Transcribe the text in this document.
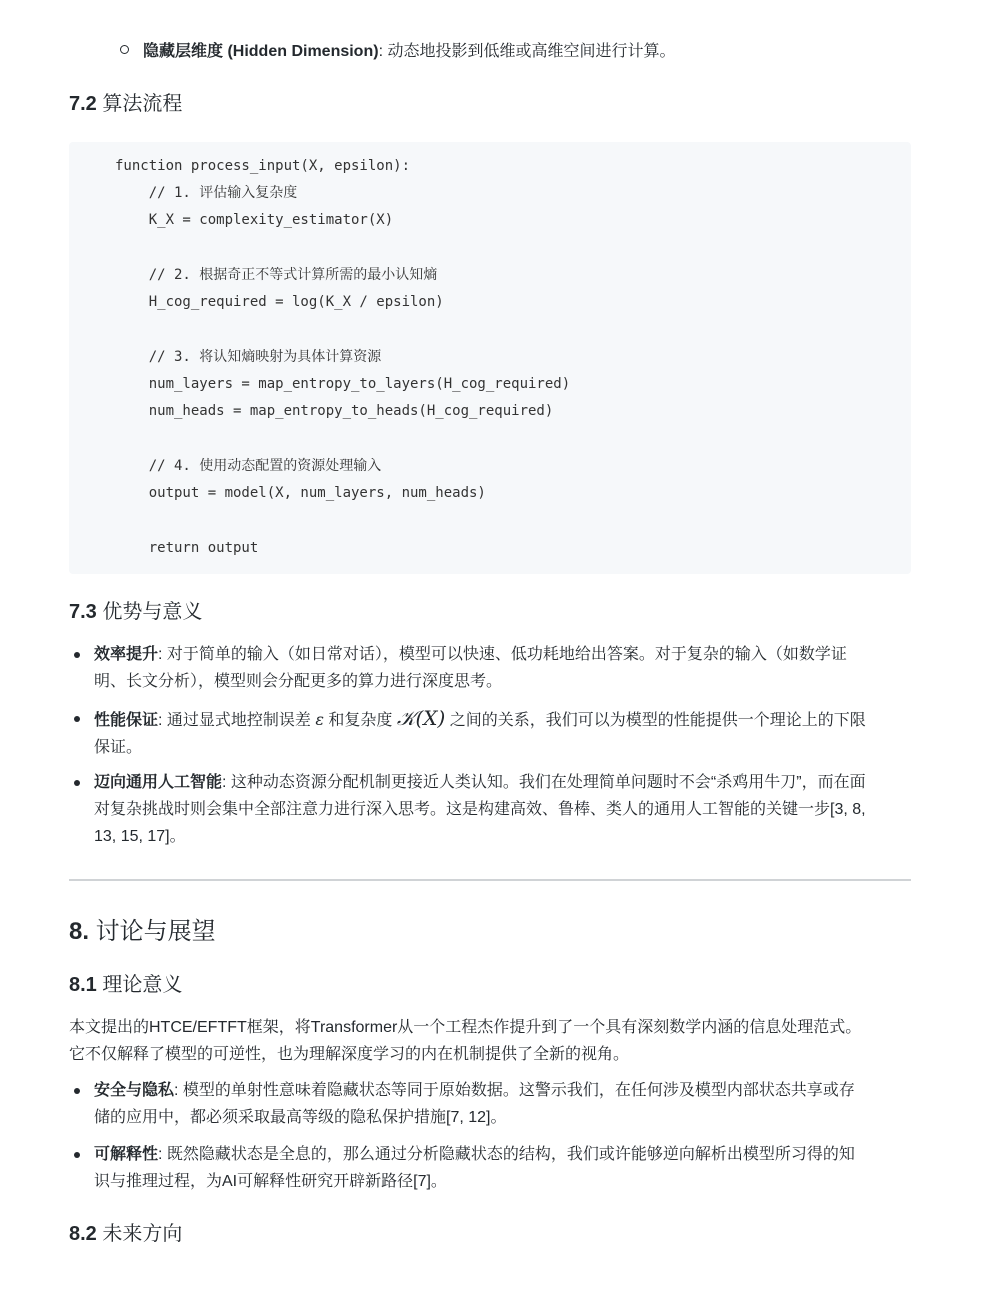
隐藏层维度 (Hidden Dimension): 动态地投影到低维或高维空间进行计算。
7.2 算法流程
function process_input(X, epsilon):
// 1. 评估输入复杂度
K_X = complexity_estimator(X)
// 2. 根据奇正不等式计算所需的最小认知熵
H_cog_required = log(K_X / epsilon)
// 3. 将认知熵映射为具体计算资源
num_layers = map_entropy_to_layers(H_cog_required)
num_heads = map_entropy_to_heads(H_cog_required)
// 4. 使用动态配置的资源处理输入
output = model(X, num_layers, num_heads)
return output
7.3 优势与意义
效率提升: 对于简单的输入（如日常对话），模型可以快速、低功耗地给出答案。对于复杂的输入（如数学证
明、长文分析），模型则会分配更多的算力进行深度思考。
性能保证: 通过显式地控制误差 ε 和复杂度 𝒦(X) 之间的关系，我们可以为模型的性能提供一个理论上的下限
保证。
迈向通用人工智能: 这种动态资源分配机制更接近人类认知。我们在处理简单问题时不会“杀鸡用牛刀”，而在面
对复杂挑战时则会集中全部注意力进行深入思考。这是构建高效、鲁棒、类人的通用人工智能的关键一步[3, 8,
13, 15, 17]。
8. 讨论与展望
8.1 理论意义
本文提出的HTCE/EFTFT框架，将Transformer从一个工程杰作提升到了一个具有深刻数学内涵的信息处理范式。
它不仅解释了模型的可逆性，也为理解深度学习的内在机制提供了全新的视角。
安全与隐私: 模型的单射性意味着隐藏状态等同于原始数据。这警示我们，在任何涉及模型内部状态共享或存
储的应用中，都必须采取最高等级的隐私保护措施[7, 12]。
可解释性: 既然隐藏状态是全息的，那么通过分析隐藏状态的结构，我们或许能够逆向解析出模型所习得的知
识与推理过程，为AI可解释性研究开辟新路径[7]。
8.2 未来方向
